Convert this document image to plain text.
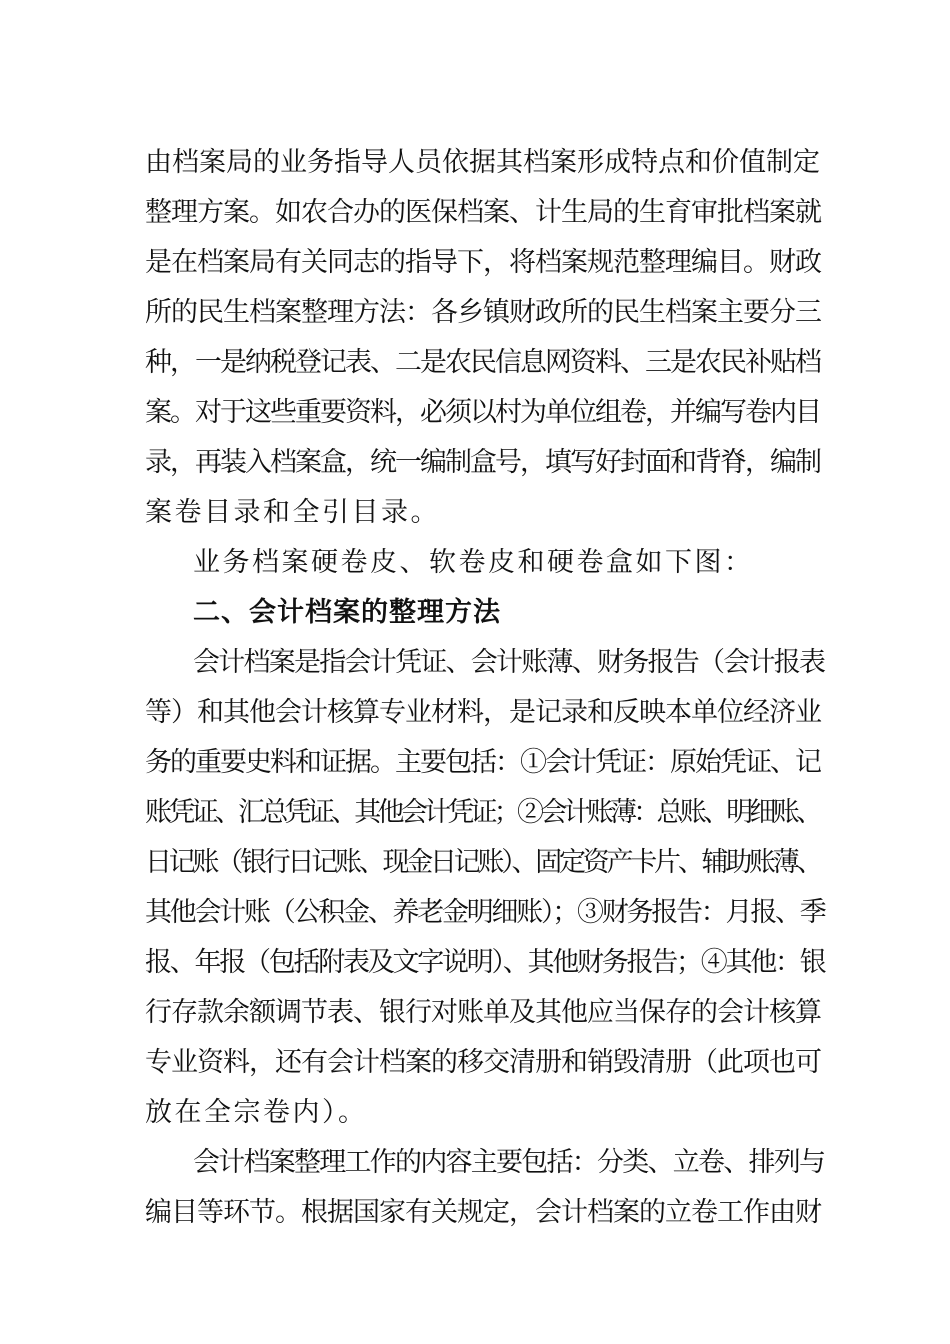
由档案局的业务指导人员依据其档案形成特点和价值制定
整理方案。如农合办的医保档案、计生局的生育审批档案就
是在档案局有关同志的指导下，将档案规范整理编目。财政
所的民生档案整理方法：各乡镇财政所的民生档案主要分三
种，一是纳税登记表、二是农民信息网资料、三是农民补贴档
案。对于这些重要资料，必须以村为单位组卷，并编写卷内目
录，再装入档案盒，统一编制盒号，填写好封面和背脊，编制
案卷目录和全引目录。
业务档案硬卷皮、软卷皮和硬卷盒如下图：
二、会计档案的整理方法
会计档案是指会计凭证、会计账薄、财务报告（会计报表
等）和其他会计核算专业材料，是记录和反映本单位经济业
务的重要史料和证据。主要包括：①会计凭证：原始凭证、记
账凭证、汇总凭证、其他会计凭证；②会计账薄：总账、明细账、
日记账（银行日记账、现金日记账）、固定资产卡片、辅助账薄、
其他会计账（公积金、养老金明细账）；③财务报告：月报、季
报、年报（包括附表及文字说明）、其他财务报告；④其他：银
行存款余额调节表、银行对账单及其他应当保存的会计核算
专业资料，还有会计档案的移交清册和销毁清册（此项也可
放在全宗卷内）。
会计档案整理工作的内容主要包括：分类、立卷、排列与
编目等环节。根据国家有关规定，会计档案的立卷工作由财
